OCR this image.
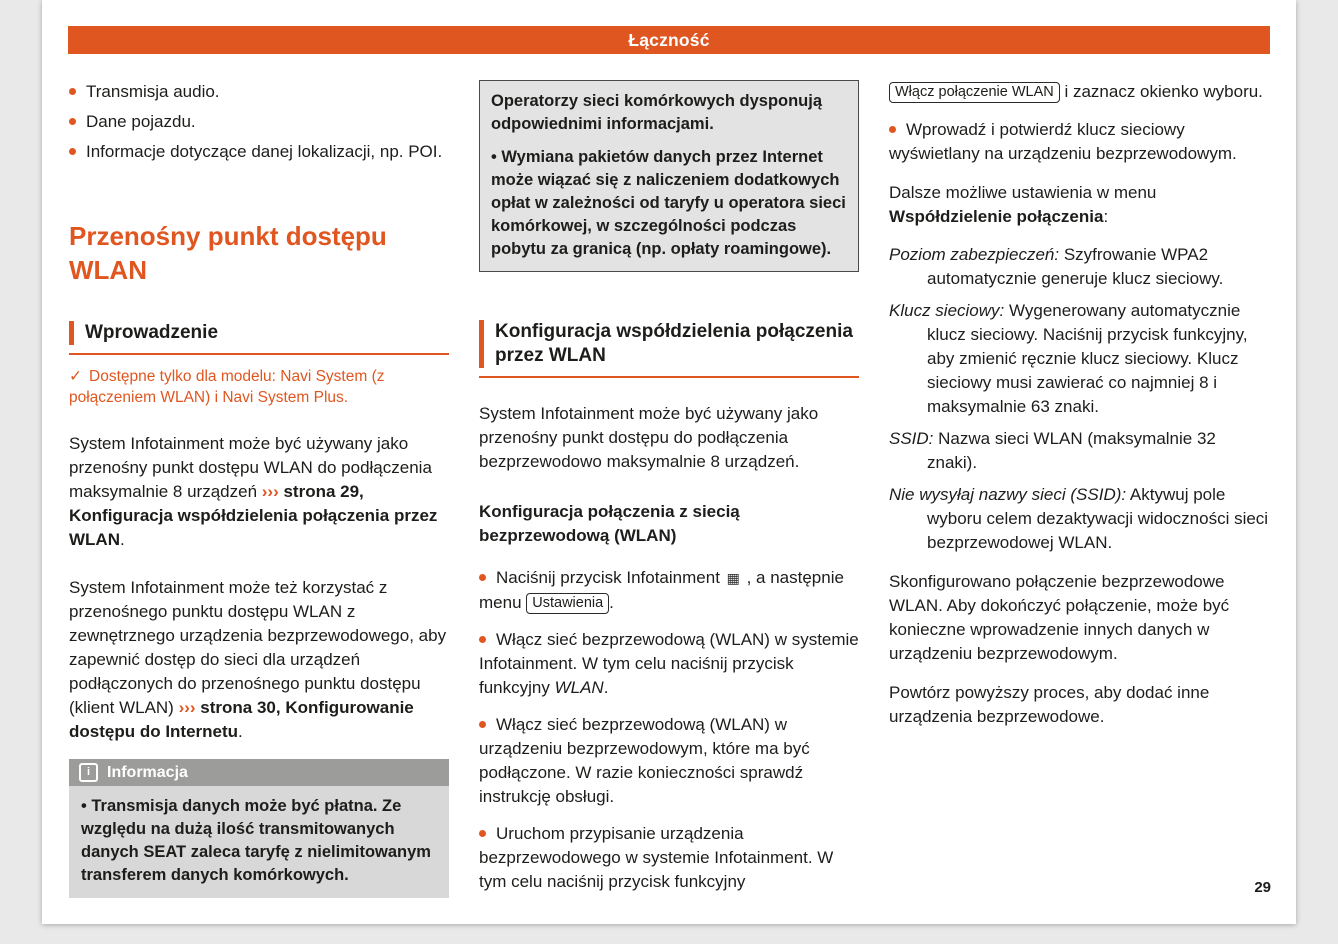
Łączność
Transmisja audio.
Dane pojazdu.
Informacje dotyczące danej lokalizacji, np. POI.
Przenośny punkt dostępu WLAN
Wprowadzenie
✓ Dostępne tylko dla modelu: Navi System (z połączeniem WLAN) i Navi System Plus.

System Infotainment może być używany jako przenośny punkt dostępu WLAN do podłączenia maksymalnie 8 urządzeń ››› strona 29, Konfiguracja współdzielenia połączenia przez WLAN.

System Infotainment może też korzystać z przenośnego punktu dostępu WLAN z zewnętrznego urządzenia bezprzewodowego, aby zapewnić dostęp do sieci dla urządzeń podłączonych do przenośnego punktu dostępu (klient WLAN) ››› strona 30, Konfigurowanie dostępu do Internetu.

i	Informacja
• Transmisja danych może być płatna. Ze względu na dużą ilość transmitowanych danych SEAT zaleca taryfę z nielimitowanym transferem danych komórkowych.

Operatorzy sieci komórkowych dysponują odpowiednimi informacjami.

• Wymiana pakietów danych przez Internet może wiązać się z naliczeniem dodatkowych opłat w zależności od taryfy u operatora sieci komórkowej, w szczególności podczas pobytu za granicą (np. opłaty roamingowe).

Konfiguracja współdzielenia połączenia przez WLAN

System Infotainment może być używany jako przenośny punkt dostępu do podłączenia bezprzewodowo maksymalnie 8 urządzeń.

Konfiguracja połączenia z siecią bezprzewodową (WLAN)

Naciśnij przycisk Infotainment ▦ , a następnie menu Ustawienia .
Włącz sieć bezprzewodową (WLAN) w systemie Infotainment. W tym celu naciśnij przycisk funkcyjny WLAN.
Włącz sieć bezprzewodową (WLAN) w urządzeniu bezprzewodowym, które ma być podłączone. W razie konieczności sprawdź instrukcję obsługi.
Uruchom przypisanie urządzenia bezprzewodowego w systemie Infotainment. W tym celu naciśnij przycisk funkcyjny

Włącz połączenie WLAN i zaznacz okienko wyboru.

Wprowadź i potwierdź klucz sieciowy wyświetlany na urządzeniu bezprzewodowym.

Dalsze możliwe ustawienia w menu Współdzielenie połączenia:

Poziom zabezpieczeń: Szyfrowanie WPA2 automatycznie generuje klucz sieciowy.
Klucz sieciowy: Wygenerowany automatycznie klucz sieciowy. Naciśnij przycisk funkcyjny, aby zmienić ręcznie klucz sieciowy. Klucz sieciowy musi zawierać co najmniej 8 i maksymalnie 63 znaki.
SSID: Nazwa sieci WLAN (maksymalnie 32 znaki).
Nie wysyłaj nazwy sieci (SSID): Aktywuj pole wyboru celem dezaktywacji widoczności sieci bezprzewodowej WLAN.

Skonfigurowano połączenie bezprzewodowe WLAN. Aby dokończyć połączenie, może być konieczne wprowadzenie innych danych w urządzeniu bezprzewodowym.

Powtórz powyższy proces, aby dodać inne urządzenia bezprzewodowe.

29
